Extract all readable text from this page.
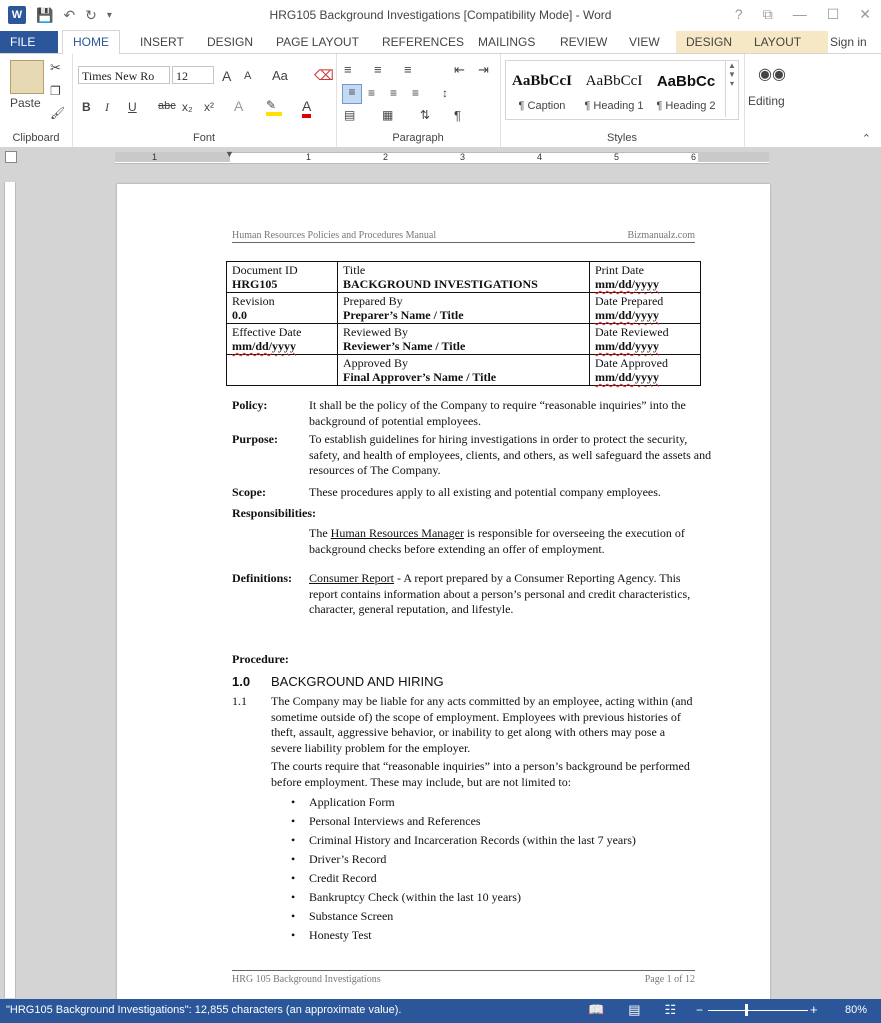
W 💾 ↶ ↻ ▾	HRG105 Background Investigations [Compatibility Mode] - Word	? ⧉ — ☐ ✕
FILE	HOME	INSERT	DESIGN	PAGE LAYOUT	REFERENCES	MAILINGS	REVIEW	VIEW	DESIGN	LAYOUT	Sign in
Paste
✂
❐
🖌
Clipboard
Times New Ro	12	A A Aa ⌫
B I U abc x₂ x² A ✎	A
Font
≡ ≡ ≡	⇤ ⇥
≡	≡ ≡ ≡ ↕
▤ ▦ ⇅ ¶
Paragraph	Styles
AaBbCcI
¶ Caption
AaBbCcI
¶ Heading 1
AaBbCc
¶ Heading 2
▲
▼
▾
◉◉
Editing
⌃
▼
1	1	2	3	4	5	6
Human Resources Policies and Procedures Manual	Bizmanualz.com
Document ID
HRG105	Title
BACKGROUND INVESTIGATIONS	Print Date
mm/dd/yyyy

Revision
0.0	Prepared By
Preparer’s Name / Title	Date Prepared
mm/dd/yyyy

Effective Date
mm/dd/yyyy	Reviewed By
Reviewer’s Name / Title	Date Reviewed
mm/dd/yyyy

	Approved By
Final Approver’s Name / Title	Date Approved
mm/dd/yyyy
Policy:	It shall be the policy of the Company to require “reasonable inquiries” into the background of potential employees.
Purpose:	To establish guidelines for hiring investigations in order to protect the security, safety, and health of employees, clients, and others, as well safeguard the assets and resources of The Company.
Scope:	These procedures apply to all existing and potential company employees.
Responsibilities:
The Human Resources Manager is responsible for overseeing the execution of background checks before extending an offer of employment.
Definitions: Consumer Report - A report prepared by a Consumer Reporting Agency. This report contains information about a person’s personal and credit characteristics, character, general reputation, and lifestyle.
Procedure:
1.0 BACKGROUND AND HIRING
1.1 The Company may be liable for any acts committed by an employee, acting within (and sometime outside of) the scope of employment. Employees with previous histories of theft, assault, aggressive behavior, or inability to get along with others may pose a severe liability problem for the employer.
The courts require that “reasonable inquiries” into a person’s background be performed before employment. These may include, but are not limited to:
• Application Form
• Personal Interviews and References
• Criminal History and Incarceration Records (within the last 7 years)
• Driver’s Record
• Credit Record
• Bankruptcy Check (within the last 10 years)
• Substance Screen
• Honesty Test
HRG 105 Background Investigations	Page 1 of 12
"HRG105 Background Investigations": 12,855 characters (an approximate value).	📖 ▤ ☷ −	+ 80%
